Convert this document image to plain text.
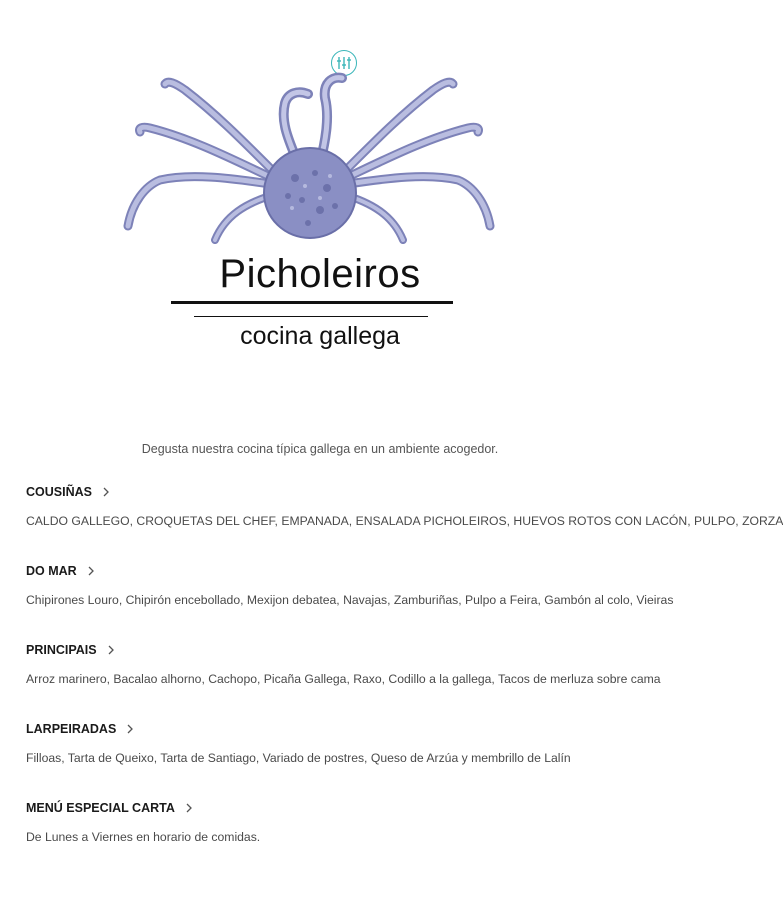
Picholeiros
cocina gallega
Degusta nuestra cocina típica gallega en un ambiente acogedor.
COUSIÑAS
CALDO GALLEGO, CROQUETAS DEL CHEF, EMPANADA, ENSALADA PICHOLEIROS, HUEVOS ROTOS CON LACÓN, PULPO, ZORZA
DO MAR
Chipirones Louro, Chipirón encebollado, Mexijon debatea, Navajas, Zamburiñas, Pulpo a Feira, Gambón al colo, Vieiras
PRINCIPAIS
Arroz marinero, Bacalao alhorno, Cachopo, Picaña Gallega, Raxo, Codillo a la gallega, Tacos de merluza sobre cama
LARPEIRADAS
Filloas, Tarta de Queixo, Tarta de Santiago, Variado de postres, Queso de Arzúa y membrillo de Lalín
MENÚ ESPECIAL CARTA
De Lunes a Viernes en horario de comidas.
